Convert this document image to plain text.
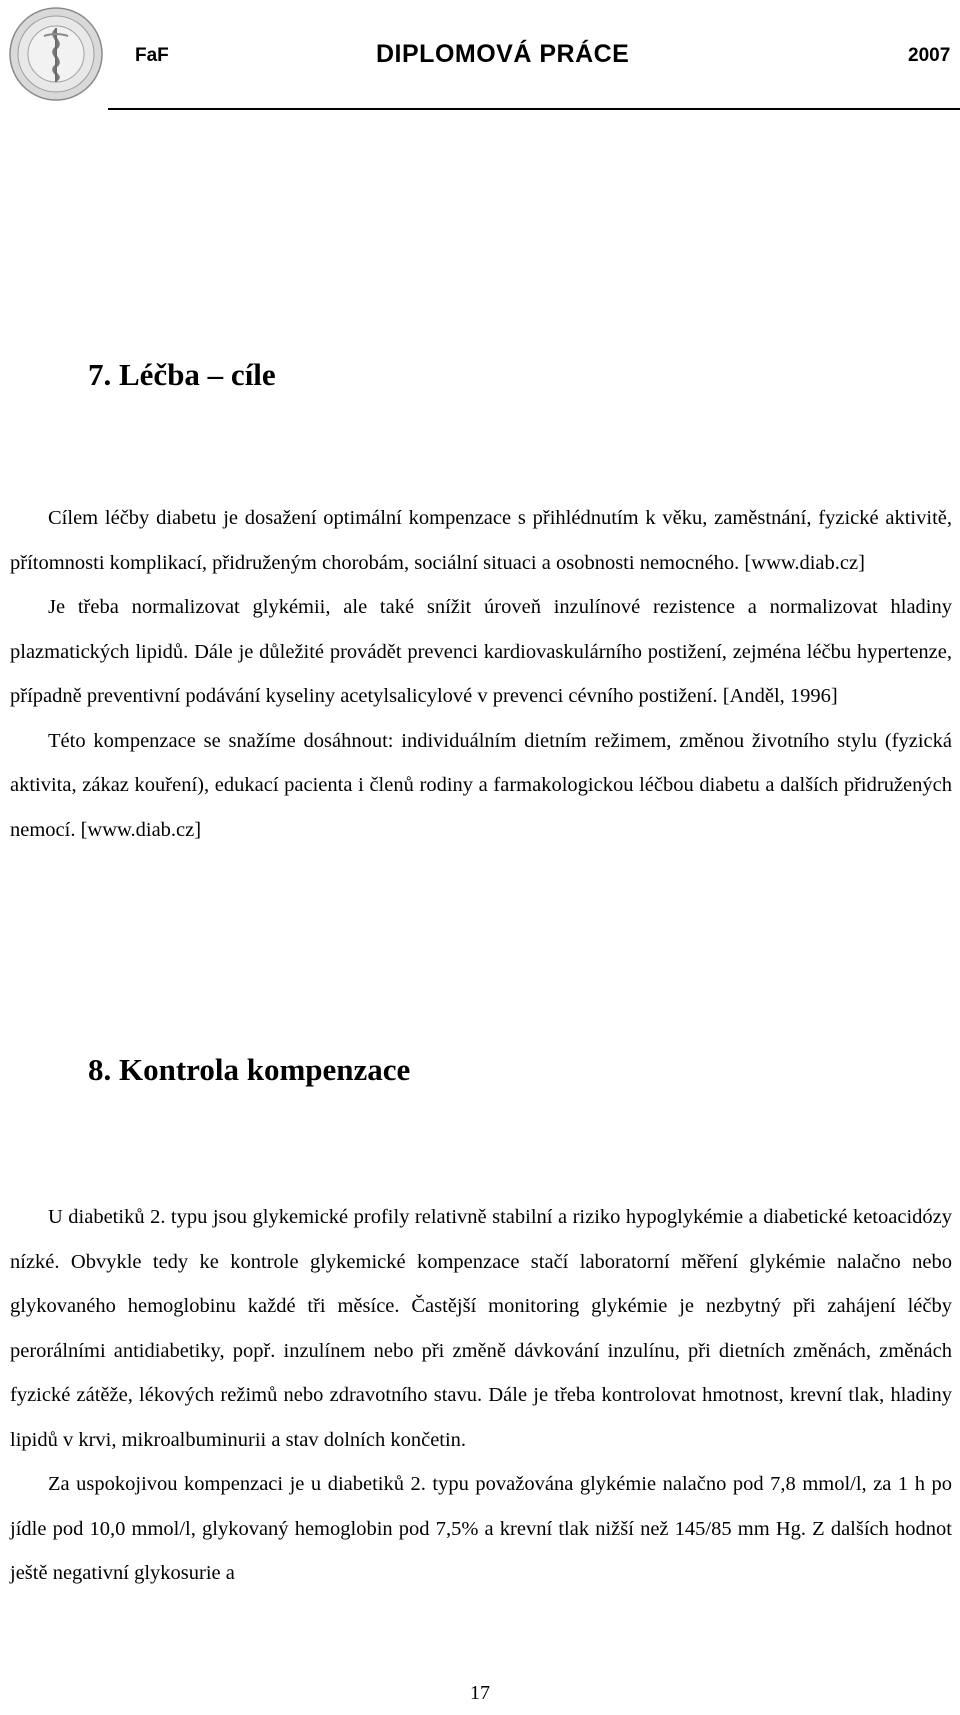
FaF	DIPLOMOVÁ PRÁCE	2007
7. Léčba – cíle

Cílem léčby diabetu je dosažení optimální kompenzace s přihlédnutím k věku, zaměstnání, fyzické aktivitě, přítomnosti komplikací, přidruženým chorobám, sociální situaci a osobnosti nemocného. [www.diab.cz]

Je třeba normalizovat glykémii, ale také snížit úroveň inzulínové rezistence a normalizovat hladiny plazmatických lipidů. Dále je důležité provádět prevenci kardiovaskulárního postižení, zejména léčbu hypertenze, případně preventivní podávání kyseliny acetylsalicylové v prevenci cévního postižení. [Anděl, 1996]

Této kompenzace se snažíme dosáhnout: individuálním dietním režimem, změnou životního stylu (fyzická aktivita, zákaz kouření), edukací pacienta i členů rodiny a farmakologickou léčbou diabetu a dalších přidružených nemocí. [www.diab.cz]

8. Kontrola kompenzace

U diabetiků 2. typu jsou glykemické profily relativně stabilní a riziko hypoglykémie a diabetické ketoacidózy nízké. Obvykle tedy ke kontrole glykemické kompenzace stačí laboratorní měření glykémie nalačno nebo glykovaného hemoglobinu každé tři měsíce. Častější monitoring glykémie je nezbytný při zahájení léčby perorálními antidiabetiky, popř. inzulínem nebo při změně dávkování inzulínu, při dietních změnách, změnách fyzické zátěže, lékových režimů nebo zdravotního stavu. Dále je třeba kontrolovat hmotnost, krevní tlak, hladiny lipidů v krvi, mikroalbuminurii a stav dolních končetin.

Za uspokojivou kompenzaci je u diabetiků 2. typu považována glykémie nalačno pod 7,8 mmol/l, za 1 h po jídle pod 10,0 mmol/l, glykovaný hemoglobin pod 7,5% a krevní tlak nižší než 145/85 mm Hg. Z dalších hodnot ještě negativní glykosurie a

17
